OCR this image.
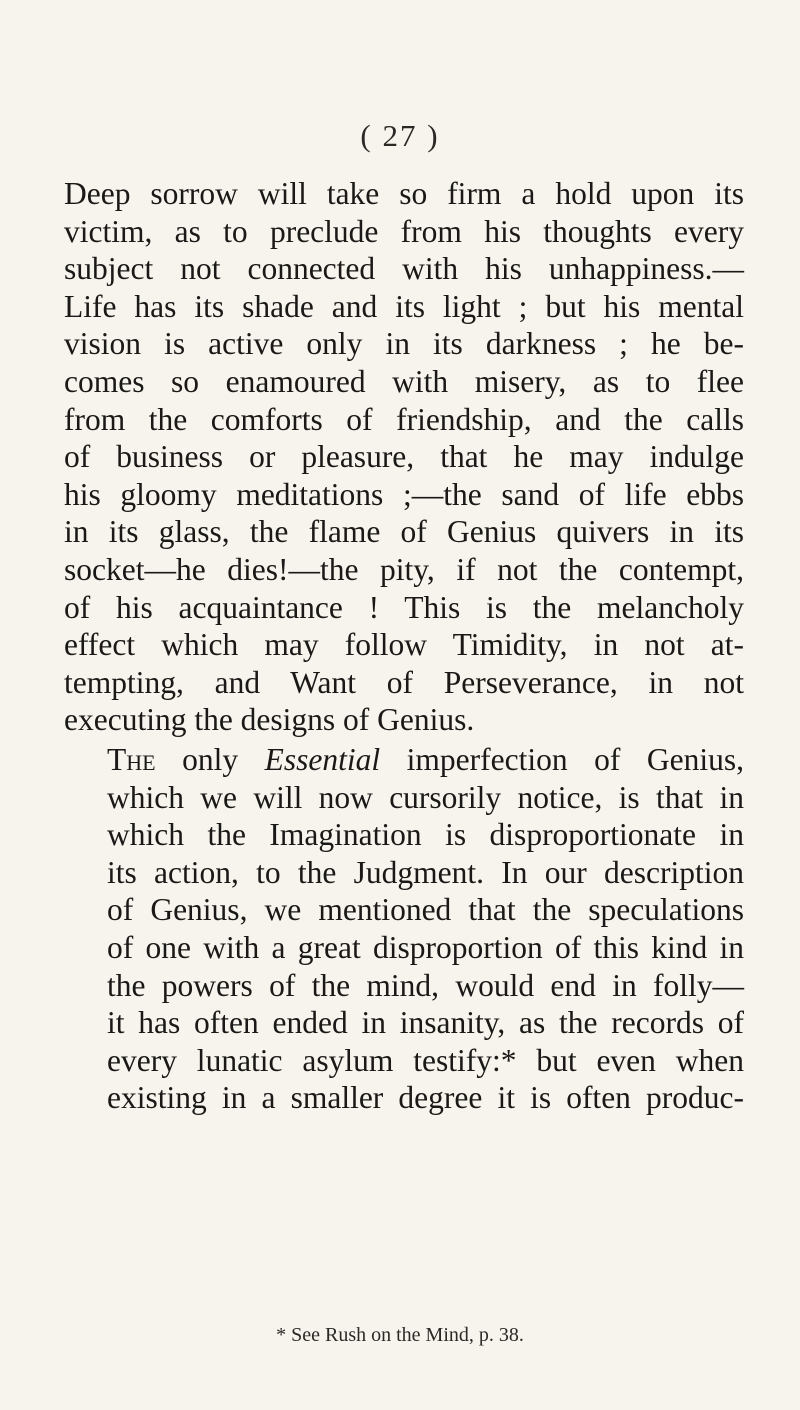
( 27 )

Deep sorrow will take so firm a hold upon its
victim, as to preclude from his thoughts every
subject not connected with his unhappiness.—
Life has its shade and its light ; but his mental
vision is active only in its darkness ; he be-
comes so enamoured with misery, as to flee
from the comforts of friendship, and the calls
of business or pleasure, that he may indulge
his gloomy meditations ;—the sand of life ebbs
in its glass, the flame of Genius quivers in its
socket—he dies!—the pity, if not the contempt,
of his acquaintance ! This is the melancholy
effect which may follow Timidity, in not at-
tempting, and Want of Perseverance, in not
executing the designs of Genius.

The only Essential imperfection of Genius,
which we will now cursorily notice, is that in
which the Imagination is disproportionate in
its action, to the Judgment. In our description
of Genius, we mentioned that the speculations
of one with a great disproportion of this kind in
the powers of the mind, would end in folly—
it has often ended in insanity, as the records of
every lunatic asylum testify:* but even when
existing in a smaller degree it is often produc-

* See Rush on the Mind, p. 38.
